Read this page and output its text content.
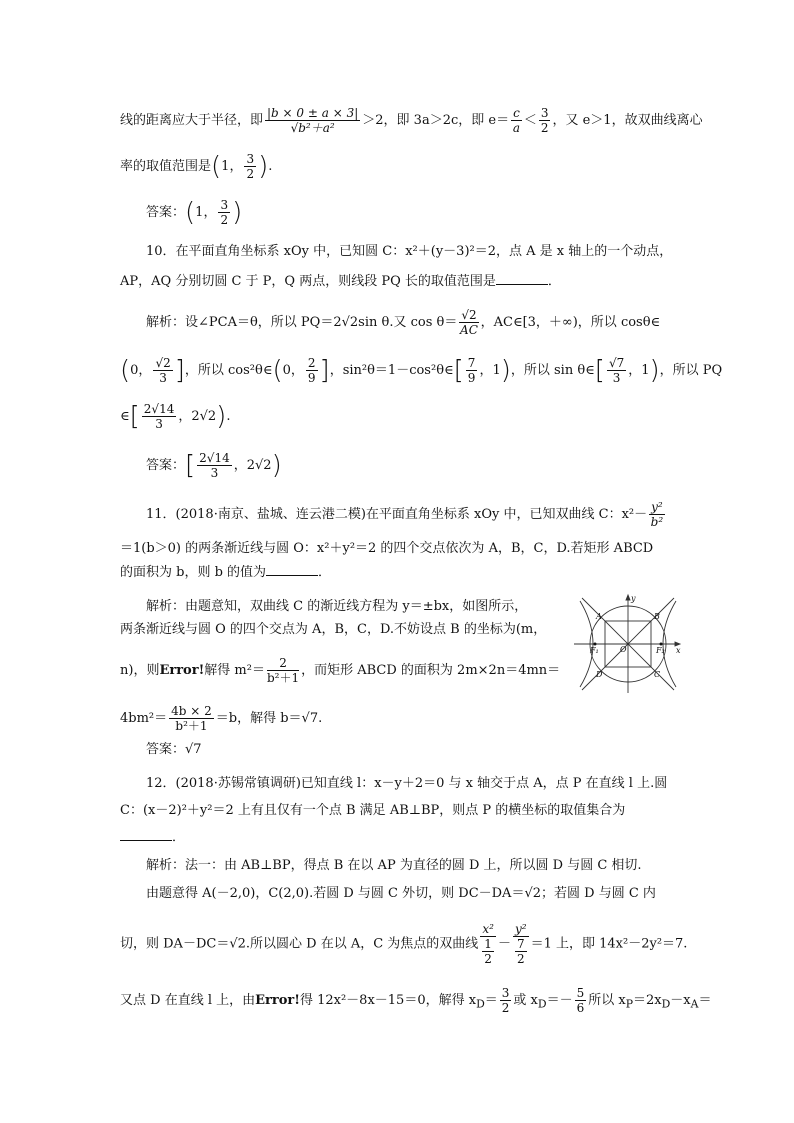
线的距离应大于半径，即 $\frac{|b \times 0 \pm a \times 3|}{\text{√b²＋a²}} >2$，即 3a＞2c，即 $e= \frac{c}{a} < \frac{3}{2}$ ，又 e＞1，故双曲线离心
率的取值范围是(1， $\frac{3}{2}$ ).
答案：(1， $\frac{3}{2}$ )
10．在平面直角坐标系 xOy 中，已知圆 C：x²＋(y－3)²＝2，点 A 是 x 轴上的一个动点，
AP，AQ 分别切圆 C 于 P，Q 两点，则线段 PQ 长的取值范围是	．
解析：设∠PCA＝θ，所以 PQ＝2√2sin θ.又 $\cos \theta= \frac{√2}{AC}$ ，AC∈[3，＋∞)，所以 cosθ∈
(0， $\frac{√2}{3}$ ]，所以 cos²θ∈(0， $\frac{2}{9}$ ]，sin²θ＝1－cos²θ∈[ $\frac{7}{9}$ ，1)，所以 sin θ∈[ $\frac{√7}{3}$ ，1)，所以 PQ
∈[ $\frac{2√14}{3}$ ，2√2).
答案：[ $\frac{2√14}{3}$ ，2√2)
11．(2018·南京、盐城、连云港二模)在平面直角坐标系 xOy 中，已知双曲线 C：$x^2- \frac{\text{y²}}{\text{b²}}$
＝1(b＞0) 的两条渐近线与圆 O：x²＋y²＝2 的四个交点依次为 A，B，C，D.若矩形 ABCD
的面积为 b，则 b 的值为	．
解析：由题意知，双曲线 C 的渐近线方程为 y＝±bx，如图所示，
两条渐近线与圆 O 的四个交点为 A，B，C，D.不妨设点 B 的坐标为(m，
n)，则Error!解得 $m^2= \frac{2}{\text{b²＋1}}$ ，而矩形 ABCD 的面积为 2m×2n＝4mn＝
$4bm^2= \frac{4b \times 2}{\text{b²＋1}} =b$，解得 b＝√7.
答案：√7
y
x
A	B
C
D
O
F₁	F₂
12．(2018·苏锡常镇调研)已知直线 l：x－y＋2＝0 与 x 轴交于点 A，点 P 在直线 l 上.圆
C：(x－2)²＋y²＝2 上有且仅有一个点 B 满足 AB⊥BP，则点 P 的横坐标的取值集合为
．
解析：法一：由 AB⊥BP，得点 B 在以 AP 为直径的圆 D 上，所以圆 D 与圆 C 相切.
由题意得 A(－2,0)，C(2,0).若圆 D 与圆 C 外切，则 DC－DA＝√2；若圆 D 与圆 C 内
切，则 DA－DC＝√2.所以圆心 D 在以 A，C 为焦点的双曲线 $\frac{\text{x²}}{\frac{1}{2}} - \frac{\text{y²}}{\frac{7}{2}} =1$ 上，即 14x²－2y²＝7.
又点 D 在直线 l 上，由Error!得 12x²－8x－15＝0，解得 $x_D= \frac{3}{2}$ 或 $x_D=- \frac{5}{6}$ 所以 $x_P=2x_D-x_A=$
